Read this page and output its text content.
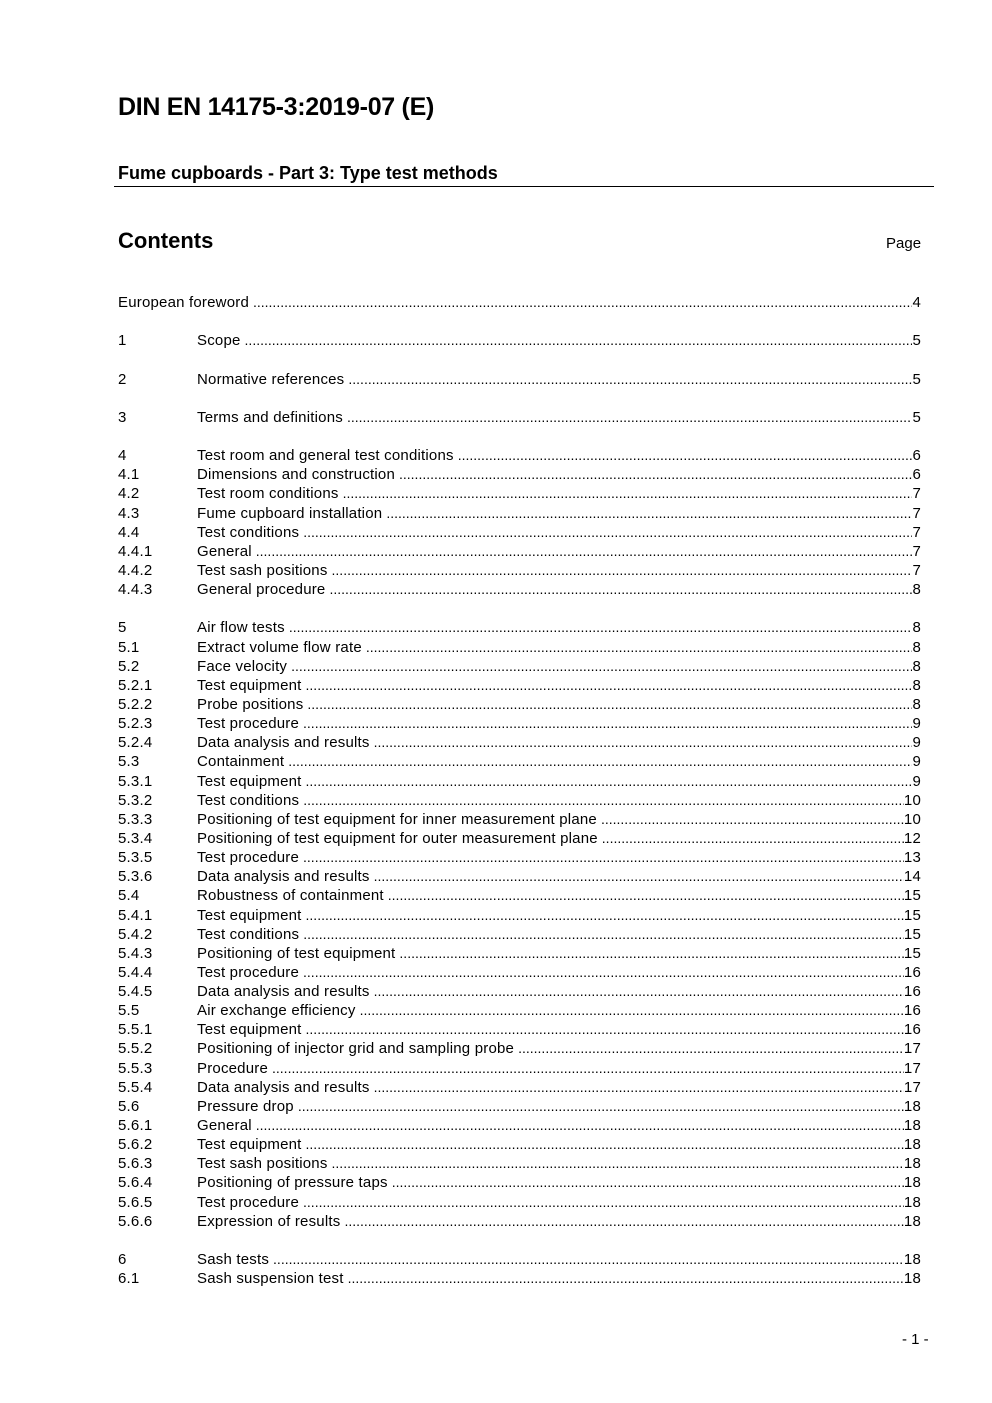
DIN EN 14175-3:2019-07 (E)
Fume cupboards - Part 3: Type test methods
Contents	Page
European foreword .....	4
1	Scope .....	5
2	Normative references .....	5
3	Terms and definitions .....	5
4	Test room and general test conditions .....	6
4.1	Dimensions and construction .....	6
4.2	Test room conditions .....	7
4.3	Fume cupboard installation .....	7
4.4	Test conditions .....	7
4.4.1	General .....	7
4.4.2	Test sash positions .....	7
4.4.3	General procedure .....	8
5	Air flow tests .....	8
5.1	Extract volume flow rate .....	8
5.2	Face velocity .....	8
5.2.1	Test equipment .....	8
5.2.2	Probe positions .....	8
5.2.3	Test procedure .....	9
5.2.4	Data analysis and results .....	9
5.3	Containment .....	9
5.3.1	Test equipment .....	9
5.3.2	Test conditions .....	10
5.3.3	Positioning of test equipment for inner measurement plane .....	10
5.3.4	Positioning of test equipment for outer measurement plane .....	12
5.3.5	Test procedure .....	13
5.3.6	Data analysis and results .....	14
5.4	Robustness of containment .....	15
5.4.1	Test equipment .....	15
5.4.2	Test conditions .....	15
5.4.3	Positioning of test equipment .....	15
5.4.4	Test procedure .....	16
5.4.5	Data analysis and results .....	16
5.5	Air exchange efficiency .....	16
5.5.1	Test equipment .....	16
5.5.2	Positioning of injector grid and sampling probe .....	17
5.5.3	Procedure .....	17
5.5.4	Data analysis and results .....	17
5.6	Pressure drop .....	18
5.6.1	General .....	18
5.6.2	Test equipment .....	18
5.6.3	Test sash positions .....	18
5.6.4	Positioning of pressure taps .....	18
5.6.5	Test procedure .....	18
5.6.6	Expression of results .....	18
6	Sash tests .....	18
6.1	Sash suspension test .....	18
- 1 -
